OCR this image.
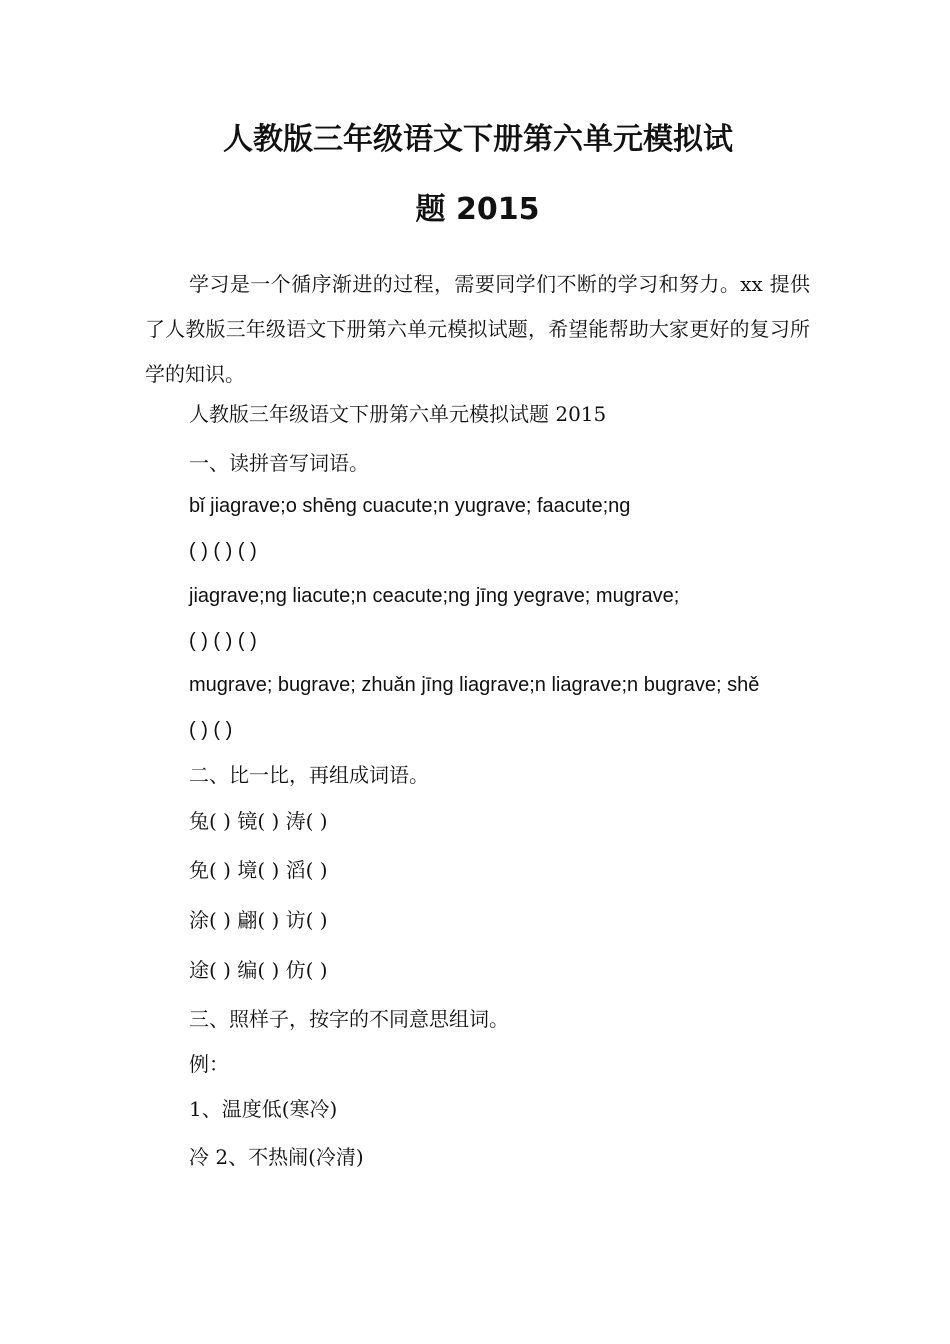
人教版三年级语文下册第六单元模拟试
题 2015

学习是一个循序渐进的过程，需要同学们不断的学习和努力。xx 提供了人教版三年级语文下册第六单元模拟试题，希望能帮助大家更好的复习所学的知识。

人教版三年级语文下册第六单元模拟试题 2015

一、读拼音写词语。

bǐ jiagrave;o shēng cuacute;n yugrave; faacute;ng

( ) ( ) ( )

jiagrave;ng liacute;n ceacute;ng jīng yegrave; mugrave;

( ) ( ) ( )

mugrave; bugrave; zhuǎn jīng liagrave;n liagrave;n bugrave; shě

( ) ( )

二、比一比，再组成词语。

兔( ) 镜( ) 涛( )

免( ) 境( ) 滔( )

涂( ) 翩( ) 访( )

途( ) 编( ) 仿( )

三、照样子，按字的不同意思组词。

例：

1、温度低(寒冷)

冷 2、不热闹(冷清)
